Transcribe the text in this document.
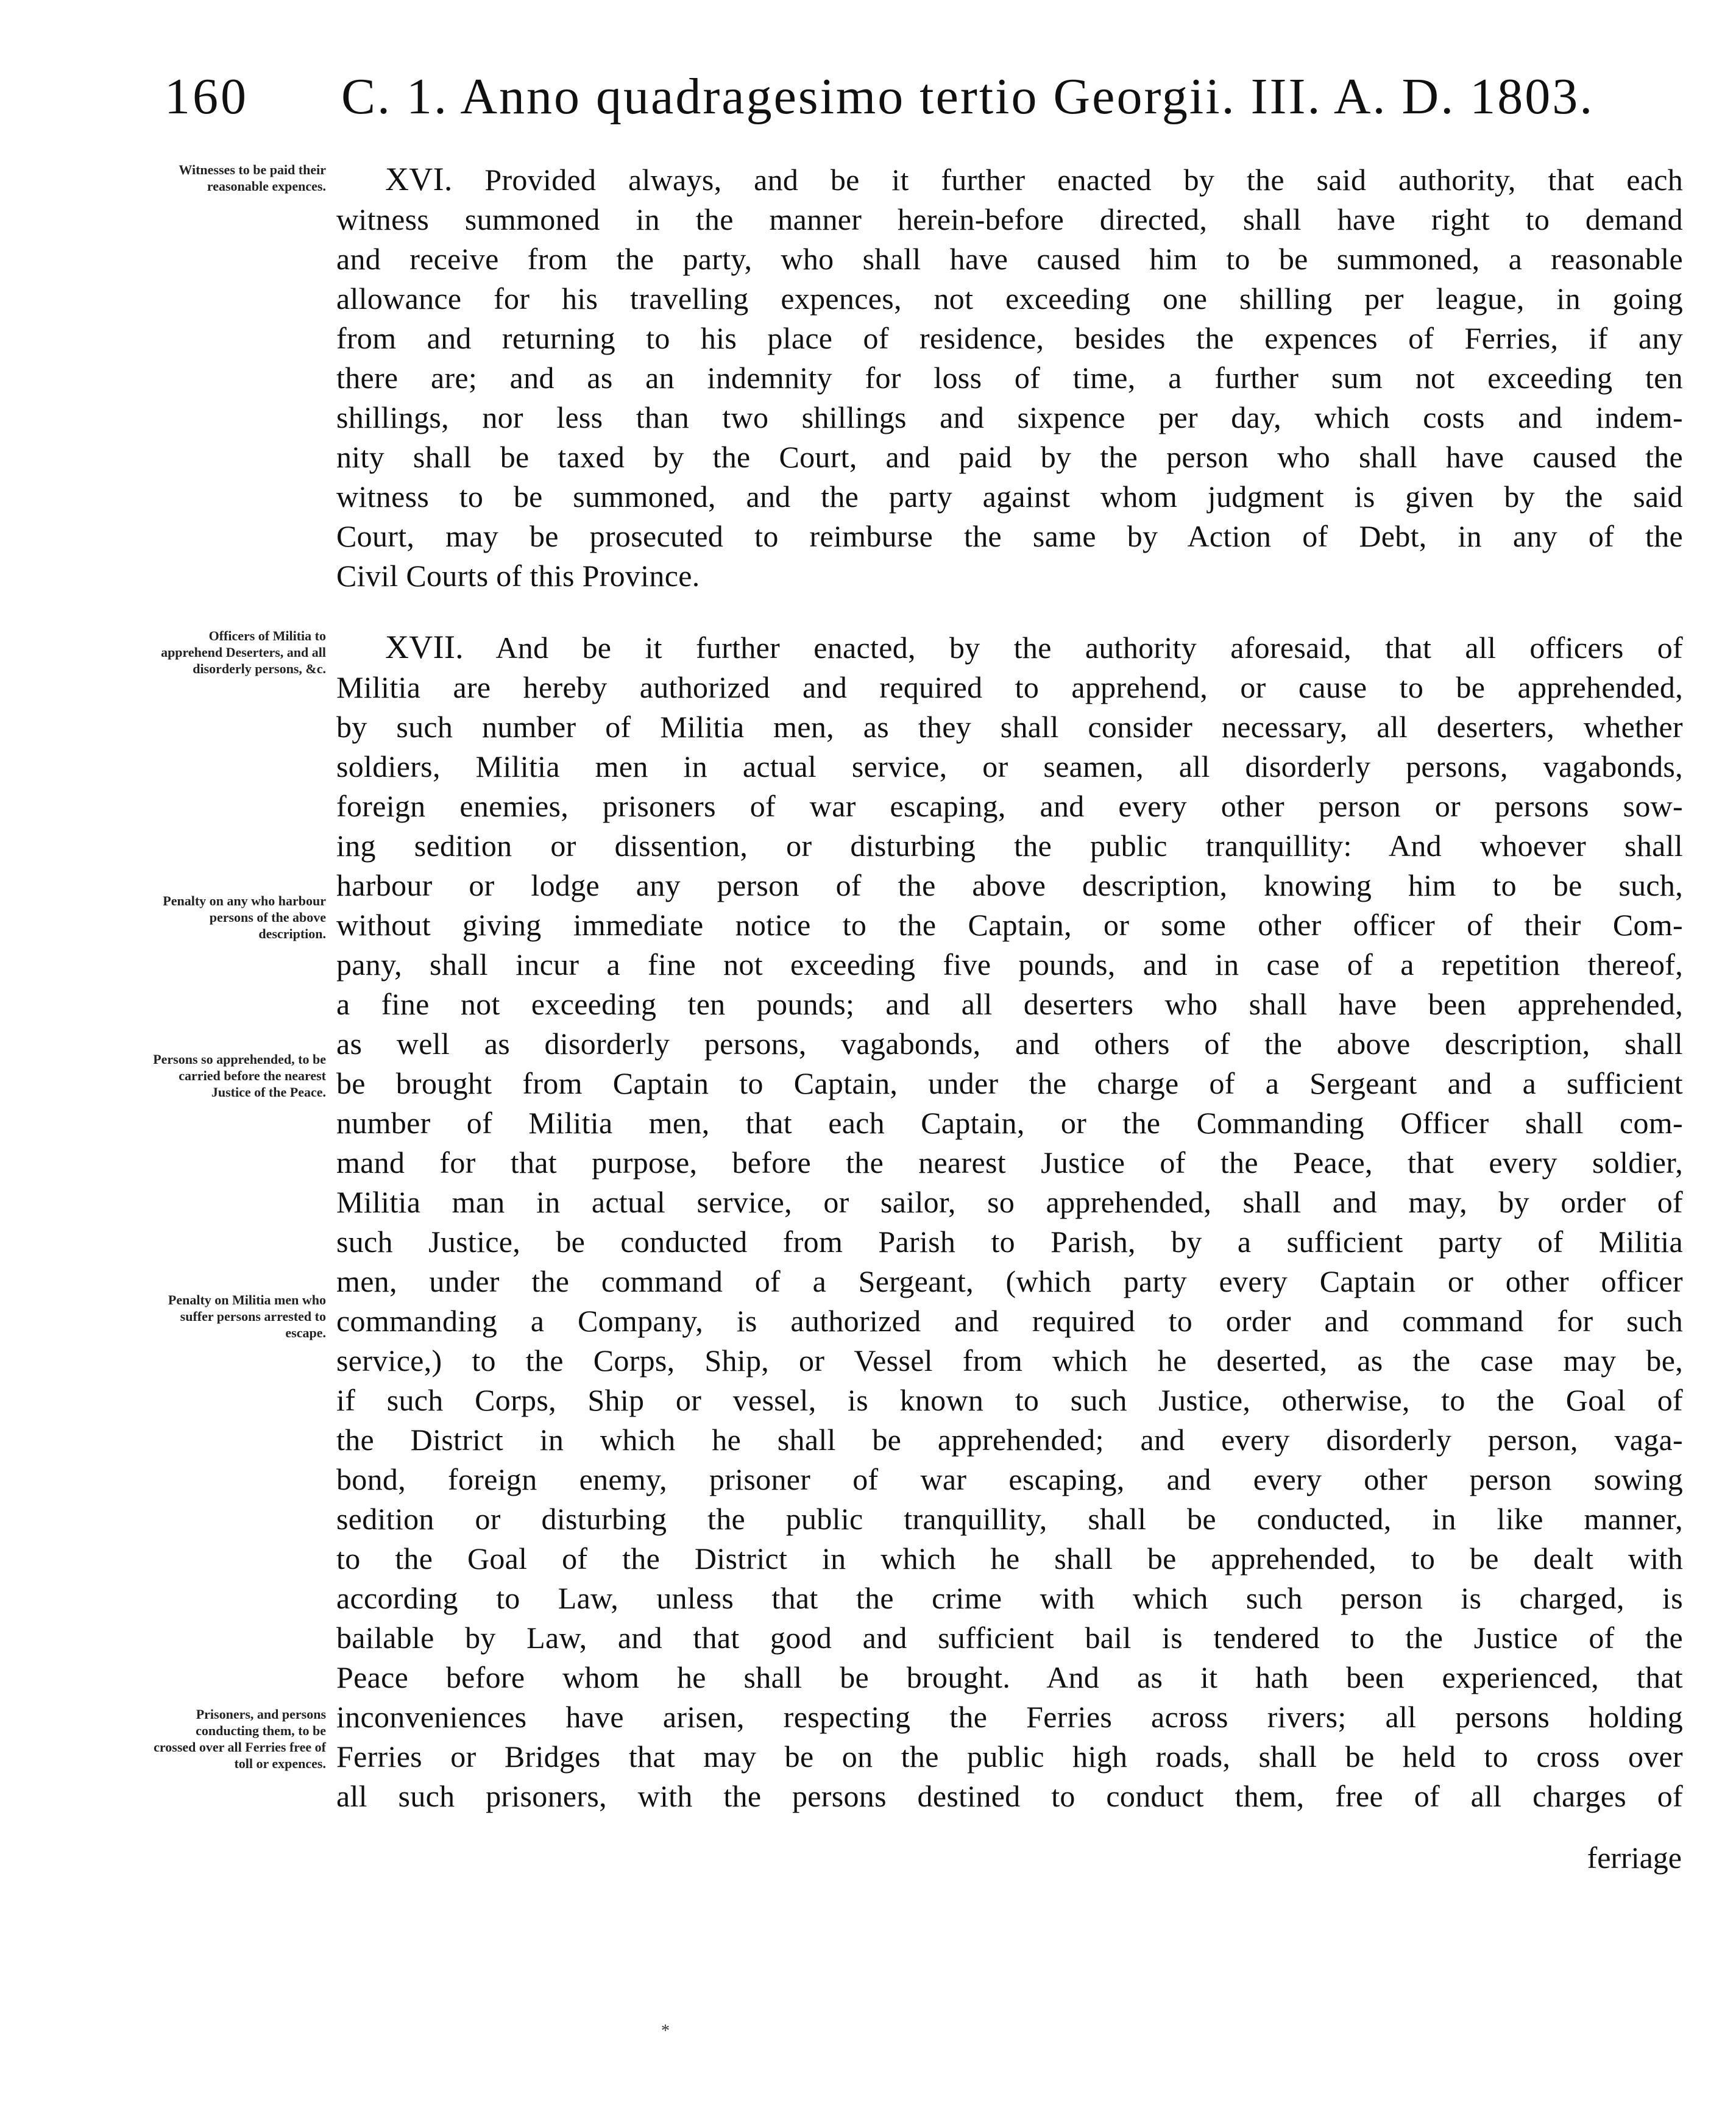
160	C. 1. Anno quadragesimo tertio Georgii. III. A. D. 1803.
Witnesses to be paid their reasonable expences.
Officers of Militia to apprehend Deserters, and all disorderly persons, &c.
Penalty on any who harbour persons of the above description.
Persons so apprehended, to be carried before the nearest Justice of the Peace.
Penalty on Militia men who suffer persons arrested to escape.
Prisoners, and persons conducting them, to be crossed over all Ferries free of toll or expences.

XVI. Provided always, and be it further enacted by the said authority, that each
witness summoned in the manner herein-before directed, shall have right to demand
and receive from the party, who shall have caused him to be summoned, a reasonable
allowance for his travelling expences, not exceeding one shilling per league, in going
from and returning to his place of residence, besides the expences of Ferries, if any
there are; and as an indemnity for loss of time, a further sum not exceeding ten
shillings, nor less than two shillings and sixpence per day, which costs and indem-
nity shall be taxed by the Court, and paid by the person who shall have caused the
witness to be summoned, and the party against whom judgment is given by the said
Court, may be prosecuted to reimburse the same by Action of Debt, in any of the
Civil Courts of this Province.

XVII. And be it further enacted, by the authority aforesaid, that all officers of
Militia are hereby authorized and required to apprehend, or cause to be apprehended,
by such number of Militia men, as they shall consider necessary, all deserters, whether
soldiers, Militia men in actual service, or seamen, all disorderly persons, vagabonds,
foreign enemies, prisoners of war escaping, and every other person or persons sow-
ing sedition or dissention, or disturbing the public tranquillity: And whoever shall
harbour or lodge any person of the above description, knowing him to be such,
without giving immediate notice to the Captain, or some other officer of their Com-
pany, shall incur a fine not exceeding five pounds, and in case of a repetition thereof,
a fine not exceeding ten pounds; and all deserters who shall have been apprehended,
as well as disorderly persons, vagabonds, and others of the above description, shall
be brought from Captain to Captain, under the charge of a Sergeant and a sufficient
number of Militia men, that each Captain, or the Commanding Officer shall com-
mand for that purpose, before the nearest Justice of the Peace, that every soldier,
Militia man in actual service, or sailor, so apprehended, shall and may, by order of
such Justice, be conducted from Parish to Parish, by a sufficient party of Militia
men, under the command of a Sergeant, (which party every Captain or other officer
commanding a Company, is authorized and required to order and command for such
service,) to the Corps, Ship, or Vessel from which he deserted, as the case may be,
if such Corps, Ship or vessel, is known to such Justice, otherwise, to the Goal of
the District in which he shall be apprehended; and every disorderly person, vaga-
bond, foreign enemy, prisoner of war escaping, and every other person sowing
sedition or disturbing the public tranquillity, shall be conducted, in like manner,
to the Goal of the District in which he shall be apprehended, to be dealt with
according to Law, unless that the crime with which such person is charged, is
bailable by Law, and that good and sufficient bail is tendered to the Justice of the
Peace before whom he shall be brought. And as it hath been experienced, that
inconveniences have arisen, respecting the Ferries across rivers; all persons holding
Ferries or Bridges that may be on the public high roads, shall be held to cross over
all such prisoners, with the persons destined to conduct them, free of all charges of

ferriage
*
